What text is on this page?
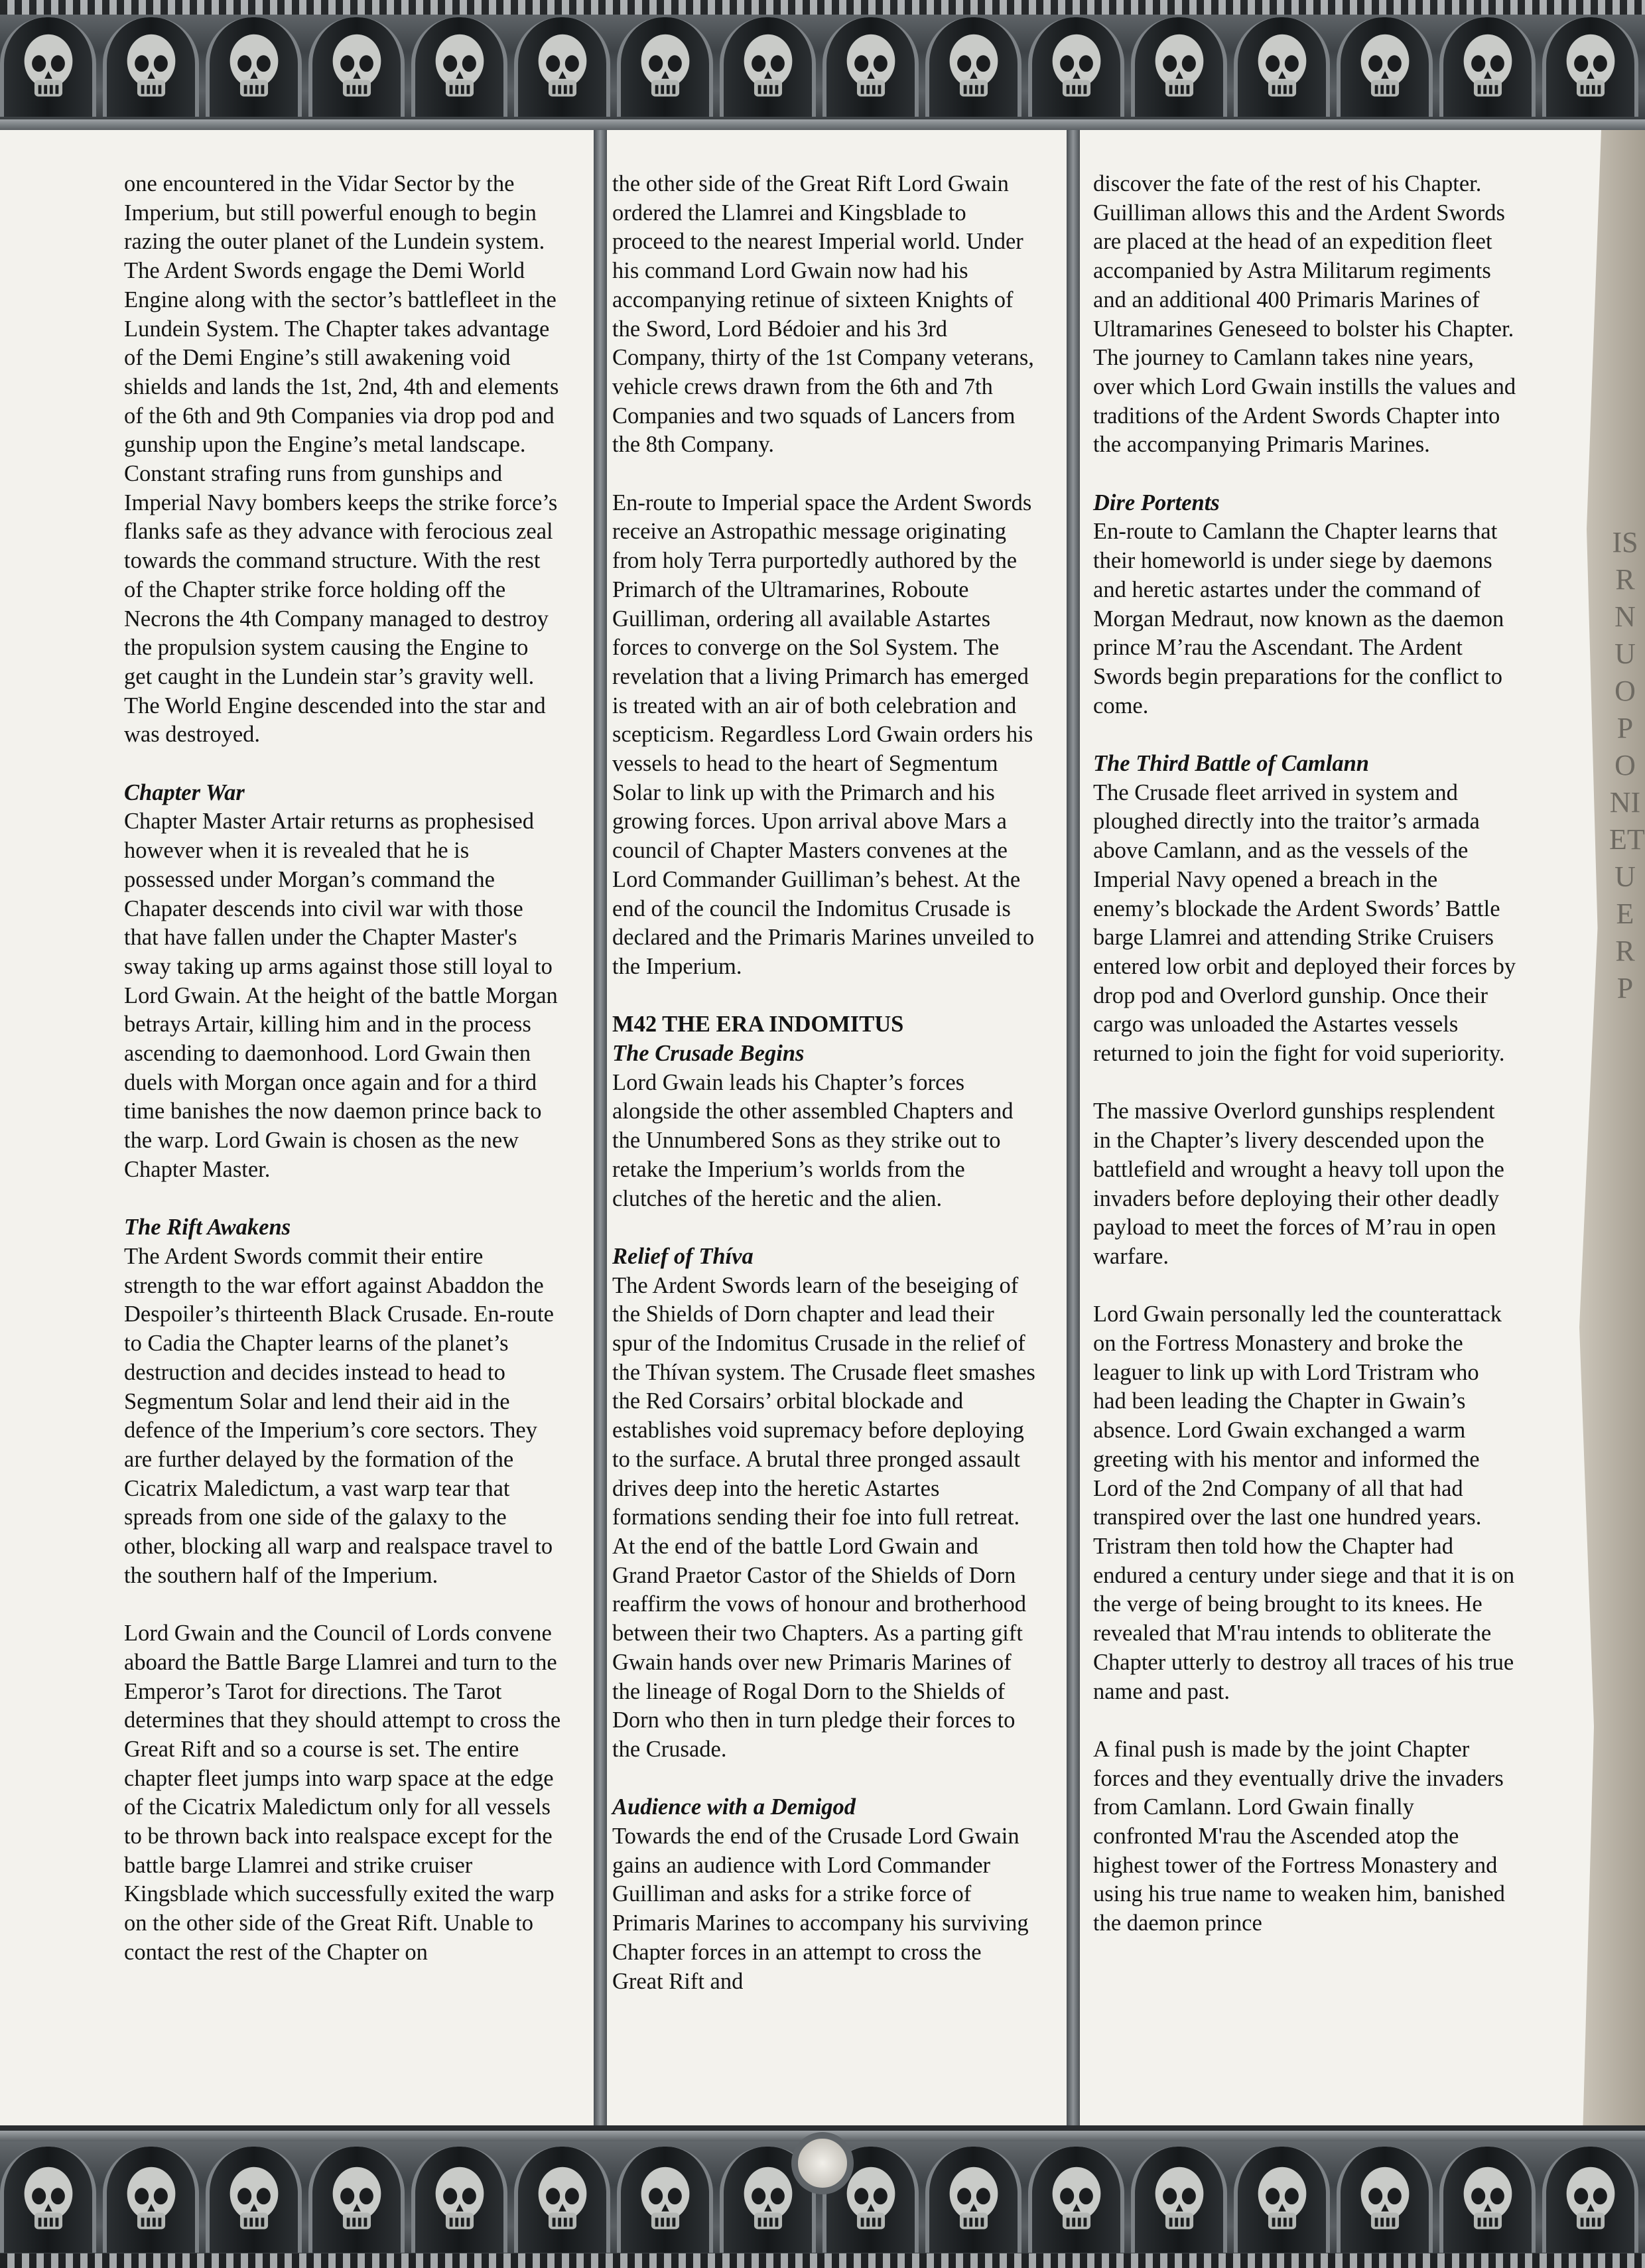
IS R N U O P O NI ET U E R P

one encountered in the Vidar Sector by the Imperium, but still powerful enough to begin razing the outer planet of the Lundein system. The Ardent Swords engage the Demi World Engine along with the sector’s battlefleet in the Lundein System. The Chapter takes advantage of the Demi Engine’s still awakening void shields and lands the 1st, 2nd, 4th and elements of the 6th and 9th Companies via drop pod and gunship upon the Engine’s metal landscape. Constant strafing runs from gunships and Imperial Navy bombers keeps the strike force’s flanks safe as they advance with ferocious zeal towards the command structure. With the rest of the Chapter strike force holding off the Necrons the 4th Company managed to destroy the propulsion system causing the Engine to get caught in the Lundein star’s gravity well. The World Engine descended into the star and was destroyed.

Chapter War

Chapter Master Artair returns as prophesised however when it is revealed that he is possessed under Morgan’s command the Chapater descends into civil war with those that have fallen under the Chapter Master's sway taking up arms against those still loyal to Lord Gwain. At the height of the battle Morgan betrays Artair, killing him and in the process ascending to daemonhood. Lord Gwain then duels with Morgan once again and for a third time banishes the now daemon prince back to the warp. Lord Gwain is chosen as the new Chapter Master.

The Rift Awakens

The Ardent Swords commit their entire strength to the war effort against Abaddon the Despoiler’s thirteenth Black Crusade. En-route to Cadia the Chapter learns of the planet’s destruction and decides instead to head to Segmentum Solar and lend their aid in the defence of the Imperium’s core sectors. They are further delayed by the formation of the Cicatrix Maledictum, a vast warp tear that spreads from one side of the galaxy to the other, blocking all warp and realspace travel to the southern half of the Imperium.

Lord Gwain and the Council of Lords convene aboard the Battle Barge Llamrei and turn to the Emperor’s Tarot for directions. The Tarot determines that they should attempt to cross the Great Rift and so a course is set. The entire chapter fleet jumps into warp space at the edge of the Cicatrix Maledictum only for all vessels to be thrown back into realspace except for the battle barge Llamrei and strike cruiser Kingsblade which successfully exited the warp on the other side of the Great Rift. Unable to contact the rest of the Chapter on

the other side of the Great Rift Lord Gwain ordered the Llamrei and Kingsblade to proceed to the nearest Imperial world. Under his command Lord Gwain now had his accompanying retinue of sixteen Knights of the Sword, Lord Bédoier and his 3rd Company, thirty of the 1st Company veterans, vehicle crews drawn from the 6th and 7th Companies and two squads of Lancers from the 8th Company.

En-route to Imperial space the Ardent Swords receive an Astropathic message originating from holy Terra purportedly authored by the Primarch of the Ultramarines, Roboute Guilliman, ordering all available Astartes forces to converge on the Sol System. The revelation that a living Primarch has emerged is treated with an air of both celebration and scepticism. Regardless Lord Gwain orders his vessels to head to the heart of Segmentum Solar to link up with the Primarch and his growing forces. Upon arrival above Mars a council of Chapter Masters convenes at the Lord Commander Guilliman’s behest. At the end of the council the Indomitus Crusade is declared and the Primaris Marines unveiled to the Imperium.

M42 THE ERA INDOMITUS
The Crusade Begins

Lord Gwain leads his Chapter’s forces alongside the other assembled Chapters and the Unnumbered Sons as they strike out to retake the Imperium’s worlds from the clutches of the heretic and the alien.

Relief of Thíva

The Ardent Swords learn of the beseiging of the Shields of Dorn chapter and lead their spur of the Indomitus Crusade in the relief of the Thívan system. The Crusade fleet smashes the Red Corsairs’ orbital blockade and establishes void supremacy before deploying to the surface. A brutal three pronged assault drives deep into the heretic Astartes formations sending their foe into full retreat. At the end of the battle Lord Gwain and Grand Praetor Castor of the Shields of Dorn reaffirm the vows of honour and brotherhood between their two Chapters. As a parting gift Gwain hands over new Primaris Marines of the lineage of Rogal Dorn to the Shields of Dorn who then in turn pledge their forces to the Crusade.

Audience with a Demigod

Towards the end of the Crusade Lord Gwain gains an audience with Lord Commander Guilliman and asks for a strike force of Primaris Marines to accompany his surviving Chapter forces in an attempt to cross the Great Rift and

discover the fate of the rest of his Chapter. Guilliman allows this and the Ardent Swords are placed at the head of an expedition fleet accompanied by Astra Militarum regiments and an additional 400 Primaris Marines of Ultramarines Geneseed to bolster his Chapter. The journey to Camlann takes nine years, over which Lord Gwain instills the values and traditions of the Ardent Swords Chapter into the accompanying Primaris Marines.

Dire Portents

En-route to Camlann the Chapter learns that their homeworld is under siege by daemons and heretic astartes under the command of Morgan Medraut, now known as the daemon prince M’rau the Ascendant. The Ardent Swords begin preparations for the conflict to come.

The Third Battle of Camlann

The Crusade fleet arrived in system and ploughed directly into the traitor’s armada above Camlann, and as the vessels of the Imperial Navy opened a breach in the enemy’s blockade the Ardent Swords’ Battle barge Llamrei and attending Strike Cruisers entered low orbit and deployed their forces by drop pod and Overlord gunship. Once their cargo was unloaded the Astartes vessels returned to join the fight for void superiority.

The massive Overlord gunships resplendent in the Chapter’s livery descended upon the battlefield and wrought a heavy toll upon the invaders before deploying their other deadly payload to meet the forces of M’rau in open warfare.

Lord Gwain personally led the counterattack on the Fortress Monastery and broke the leaguer to link up with Lord Tristram who had been leading the Chapter in Gwain’s absence. Lord Gwain exchanged a warm greeting with his mentor and informed the Lord of the 2nd Company of all that had transpired over the last one hundred years. Tristram then told how the Chapter had endured a century under siege and that it is on the verge of being brought to its knees. He revealed that M'rau intends to obliterate the Chapter utterly to destroy all traces of his true name and past.

A final push is made by the joint Chapter forces and they eventually drive the invaders from Camlann. Lord Gwain finally confronted M'rau the Ascended atop the highest tower of the Fortress Monastery and using his true name to weaken him, banished the daemon prince
